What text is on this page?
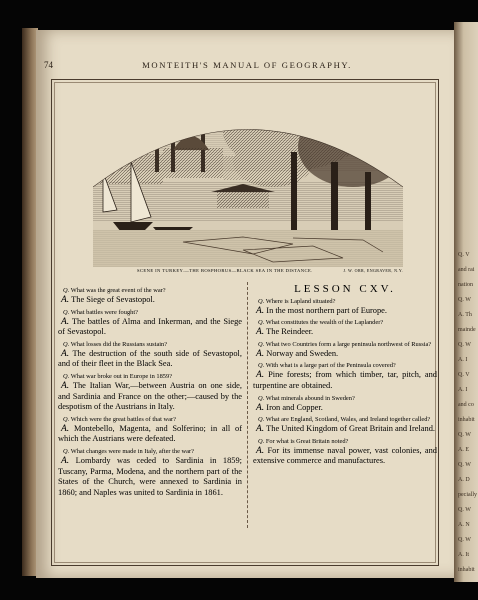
Q. V
and rai
nation
Q. W
A. Th
mainde
Q. W
A. I
Q. V
A. I
and co
inhabit
Q. W
A. E
Q. W
A. D
pecially
Q. W
A. N
Q. W
A. It
inhabit
74	MONTEITH'S MANUAL OF GEOGRAPHY.
SCENE IN TURKEY.—THE BOSPHORUS—BLACK SEA IN THE DISTANCE.	J. W. ORR, ENGRAVER, N.Y.
Q. What was the great event of the war?
A. The Siege of Sevastopol.
Q. What battles were fought?
A. The battles of Alma and Inkerman, and the Siege of Sevastopol.
Q. What losses did the Russians sustain?
A. The destruction of the south side of Sevastopol, and of their fleet in the Black Sea.
Q. What war broke out in Europe in 1859?
A. The Italian War,—between Austria on one side, and Sardinia and France on the other;—caused by the despotism of the Austrians in Italy.
Q. Which were the great battles of that war?
A. Montebello, Magenta, and Solferino; in all of which the Austrians were defeated.
Q. What changes were made in Italy, after the war?
A. Lombardy was ceded to Sardinia in 1859; Tuscany, Parma, Modena, and the northern part of the States of the Church, were annexed to Sardinia in 1860; and Naples was united to Sardinia in 1861.
LESSON CXV.
Q. Where is Lapland situated?
A. In the most northern part of Europe.
Q. What constitutes the wealth of the Laplander?
A. The Reindeer.
Q. What two Countries form a large peninsula northwest of Russia?
A. Norway and Sweden.
Q. With what is a large part of the Peninsula covered?
A. Pine forests; from which timber, tar, pitch, and turpentine are obtained.
Q. What minerals abound in Sweden?
A. Iron and Copper.
Q. What are England, Scotland, Wales, and Ireland together called?
A. The United Kingdom of Great Britain and Ireland.
Q. For what is Great Britain noted?
A. For its immense naval power, vast colonies, and extensive commerce and manufactures.
